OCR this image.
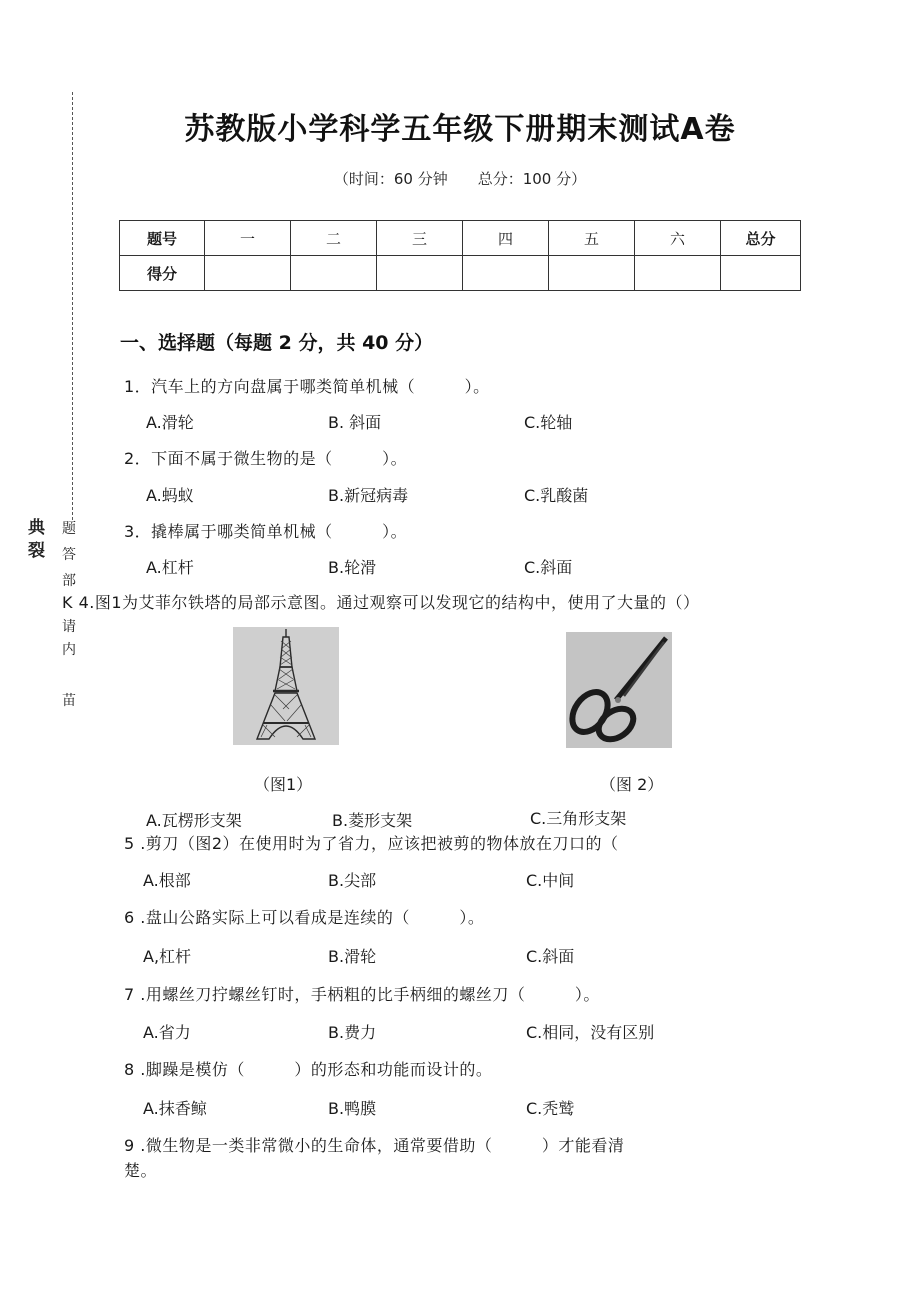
典
裂
题
答
部
内
请
苗
苏教版小学科学五年级下册期末测试A卷
（时间：60 分钟　　总分：100 分）
题号	一	二	三	四	五	六	总分
得分							
一、选择题（每题 2 分，共 40 分）
1．汽车上的方向盘属于哪类简单机械（　　　）。
A.滑轮	B. 斜面	C.轮轴
2．下面不属于微生物的是（　　　）。
A.蚂蚁	B.新冠病毒	C.乳酸菌
3．撬棒属于哪类简单机械（　　　）。
A.杠杆	B.轮滑	C.斜面
K 4.图1为艾菲尔铁塔的局部示意图。通过观察可以发现它的结构中，使用了大量的（）
（图1）	（图 2）
A.瓦楞形支架	B.菱形支架	C.三角形支架
5 .剪刀（图2）在使用时为了省力，应该把被剪的物体放在刀口的（
A.根部	B.尖部	C.中间
6 .盘山公路实际上可以看成是连续的（　　　）。
A,杠杆	B.滑轮	C.斜面
7 .用螺丝刀拧螺丝钉时，手柄粗的比手柄细的螺丝刀（　　　）。
A.省力	B.费力	C.相同，没有区别
8 .脚躁是模仿（　　　）的形态和功能而设计的。
A.抹香鲸	B.鸭膜	C.秃鹫
9 .微生物是一类非常微小的生命体，通常要借助（　　　）才能看清
楚。
